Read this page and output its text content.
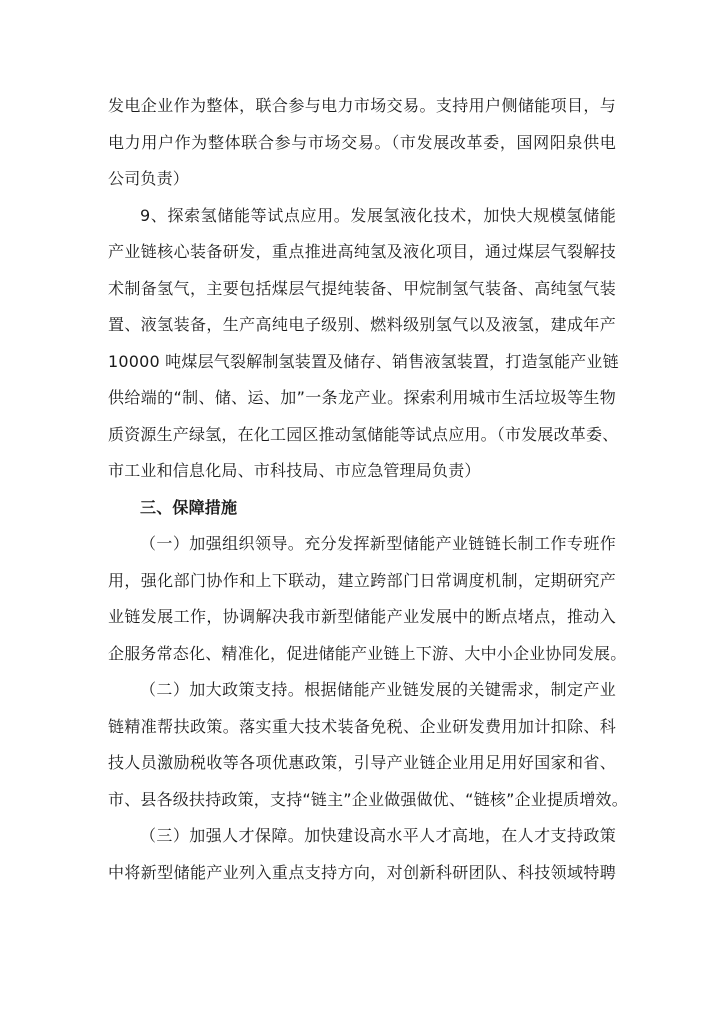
发电企业作为整体，联合参与电力市场交易。支持用户侧储能项目，与
电力用户作为整体联合参与市场交易。（市发展改革委，国网阳泉供电
公司负责）
9、探索氢储能等试点应用。发展氢液化技术，加快大规模氢储能
产业链核心装备研发，重点推进高纯氢及液化项目，通过煤层气裂解技
术制备氢气，主要包括煤层气提纯装备、甲烷制氢气装备、高纯氢气装
置、液氢装备，生产高纯电子级别、燃料级别氢气以及液氢，建成年产
10000 吨煤层气裂解制氢装置及储存、销售液氢装置，打造氢能产业链
供给端的“制、储、运、加”一条龙产业。探索利用城市生活垃圾等生物
质资源生产绿氢，在化工园区推动氢储能等试点应用。（市发展改革委、
市工业和信息化局、市科技局、市应急管理局负责）
三、保障措施
（一）加强组织领导。充分发挥新型储能产业链链长制工作专班作
用，强化部门协作和上下联动，建立跨部门日常调度机制，定期研究产
业链发展工作，协调解决我市新型储能产业发展中的断点堵点，推动入
企服务常态化、精准化，促进储能产业链上下游、大中小企业协同发展。
（二）加大政策支持。根据储能产业链发展的关键需求，制定产业
链精准帮扶政策。落实重大技术装备免税、企业研发费用加计扣除、科
技人员激励税收等各项优惠政策，引导产业链企业用足用好国家和省、
市、县各级扶持政策，支持“链主”企业做强做优、“链核”企业提质增效。
（三）加强人才保障。加快建设高水平人才高地，在人才支持政策
中将新型储能产业列入重点支持方向，对创新科研团队、科技领域特聘
